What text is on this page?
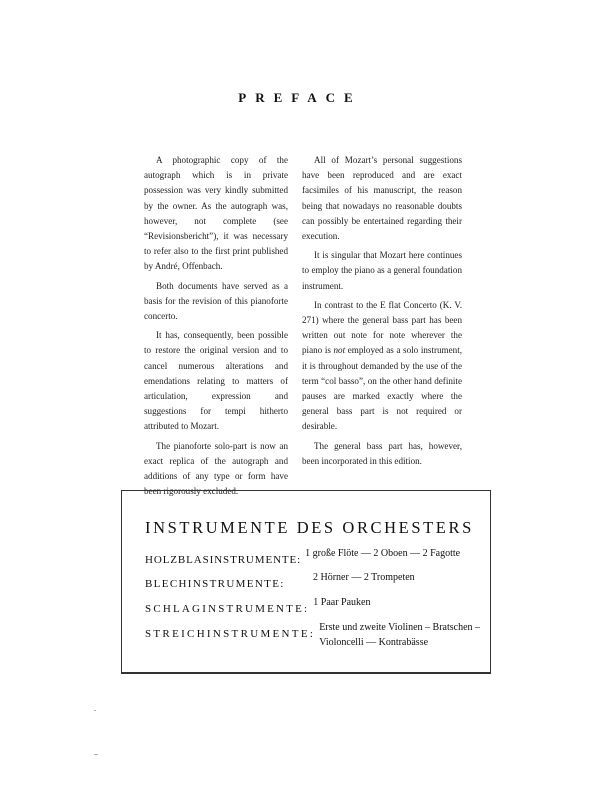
PREFACE

A photographic copy of the autograph which is in private possession was very kindly submitted by the owner. As the autograph was, however, not complete (see “Revisionsbericht”), it was necessary to refer also to the first print published by André, Offenbach.

Both documents have served as a basis for the revision of this pianoforte concerto.

It has, consequently, been possible to restore the original version and to cancel numerous alterations and emendations relating to matters of articulation, expression and suggestions for tempi hitherto attributed to Mozart.

The pianoforte solo-part is now an exact replica of the autograph and additions of any type or form have been rigorously excluded.

All of Mozart’s personal suggestions have been reproduced and are exact facsimiles of his manuscript, the reason being that nowadays no reasonable doubts can possibly be entertained regarding their execution.

It is singular that Mozart here continues to employ the piano as a general foundation instrument.

In contrast to the E flat Concerto (K. V. 271) where the general bass part has been written out note for note wherever the piano is not employed as a solo instrument, it is throughout demanded by the use of the term “col basso”, on the other hand definite pauses are marked exactly where the general bass part is not required or desirable.

The general bass part has, however, been incorporated in this edition.

INSTRUMENTE DES ORCHESTERS
HOLZBLASINSTRUMENTE:1 große Flöte — 2 Oboen — 2 Fagotte
BLECHINSTRUMENTE:2 Hörner — 2 Trompeten
SCHLAGINSTRUMENTE:1 Paar Pauken
STREICHINSTRUMENTE:Erste und zweite Violinen – Bratschen –
Violoncelli — Kontrabässe
